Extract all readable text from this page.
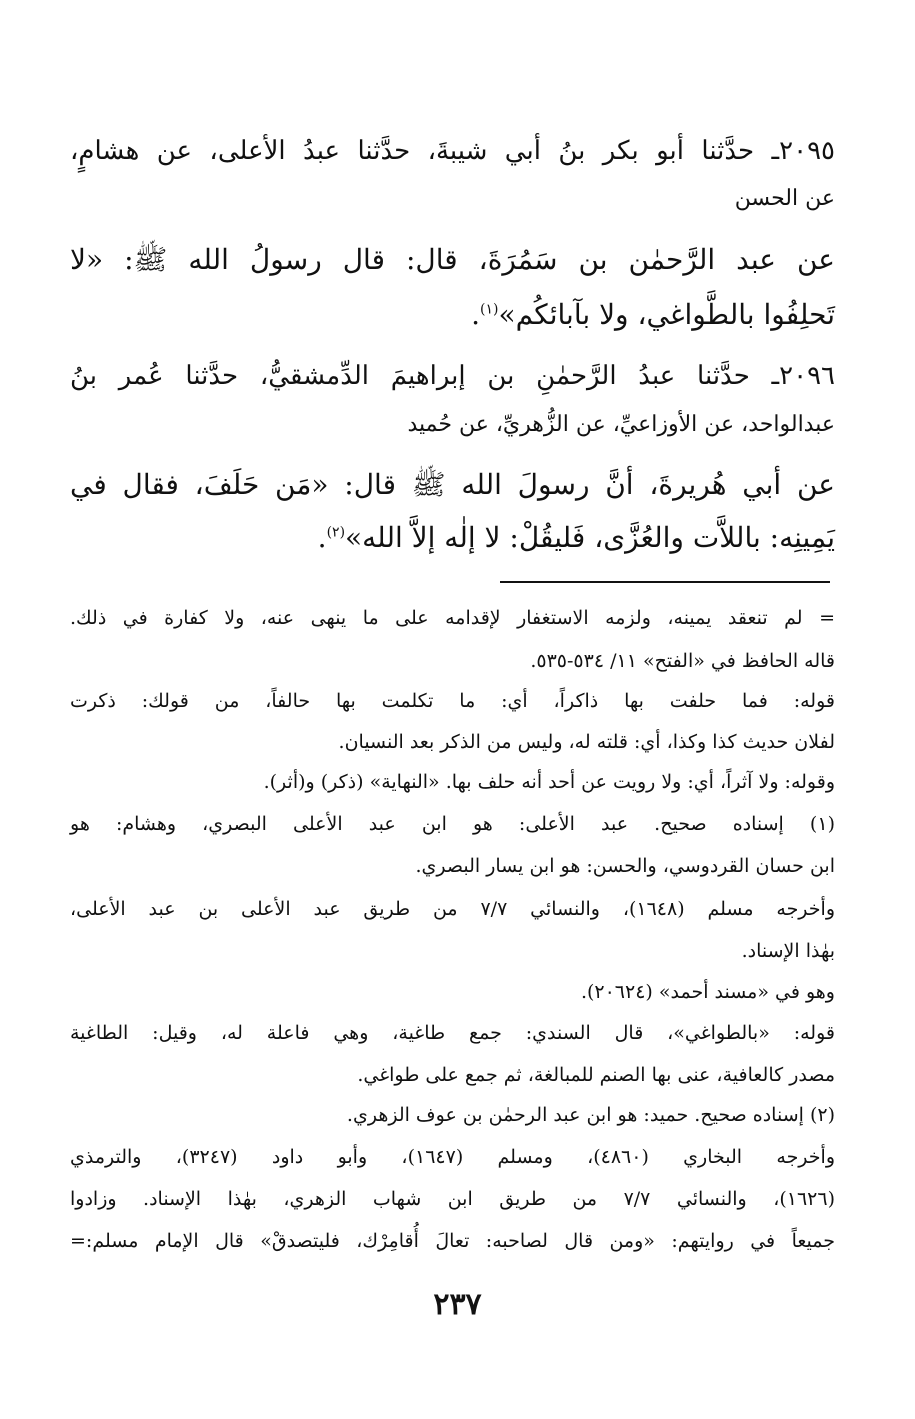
٢٠٩٥ـ حدَّثنا أبو بكر بنُ أبي شيبةَ، حدَّثنا عبدُ الأعلى، عن هشامٍ،
عن الحسن
عن عبد الرَّحمٰن بن سَمُرَةَ، قال: قال رسولُ الله ﷺ: «لا
تَحلِفُوا بالطَّواغي، ولا بآبائكُم»$^{(١)}$.
٢٠٩٦ـ حدَّثنا عبدُ الرَّحمٰنِ بن إبراهيمَ الدِّمشقيُّ، حدَّثنا عُمر بنُ
عبدالواحد، عن الأوزاعيِّ، عن الزُّهريِّ، عن حُميد
عن أبي هُريرةَ، أنَّ رسولَ الله ﷺ قال: «مَن حَلَفَ، فقال في
يَمِينِه: باللاَّت والعُزَّى، فَليقُلْ: لا إلٰه إلاَّ الله»$^{(٢)}$.
= لم تنعقد يمينه، ولزمه الاستغفار لإقدامه على ما ينهى عنه، ولا كفارة في ذلك.
قاله الحافظ في «الفتح» ١١/ ٥٣٤-٥٣٥.
قوله: فما حلفت بها ذاكراً، أي: ما تكلمت بها حالفاً، من قولك: ذكرت
لفلان حديث كذا وكذا، أي: قلته له، وليس من الذكر بعد النسيان.
وقوله: ولا آثراً، أي: ولا رويت عن أحد أنه حلف بها. «النهاية» (ذكر) و(أثر).
(١) إسناده صحيح. عبد الأعلى: هو ابن عبد الأعلى البصري، وهشام: هو
ابن حسان القردوسي، والحسن: هو ابن يسار البصري.
وأخرجه مسلم (١٦٤٨)، والنسائي ٧/٧ من طريق عبد الأعلى بن عبد الأعلى،
بهٰذا الإسناد.
وهو في «مسند أحمد» (٢٠٦٢٤).
قوله: «بالطواغي»، قال السندي: جمع طاغية، وهي فاعلة له، وقيل: الطاغية
مصدر كالعافية، عنى بها الصنم للمبالغة، ثم جمع على طواغي.
(٢) إسناده صحيح. حميد: هو ابن عبد الرحمٰن بن عوف الزهري.
وأخرجه البخاري (٤٨٦٠)، ومسلم (١٦٤٧)، وأبو داود (٣٢٤٧)، والترمذي
(١٦٢٦)، والنسائي ٧/٧ من طريق ابن شهاب الزهري، بهٰذا الإسناد. وزادوا
جميعاً في روايتهم: «ومن قال لصاحبه: تعالَ أُقامِرْك، فليتصدقْ» قال الإمام مسلم:=
٢٣٧
